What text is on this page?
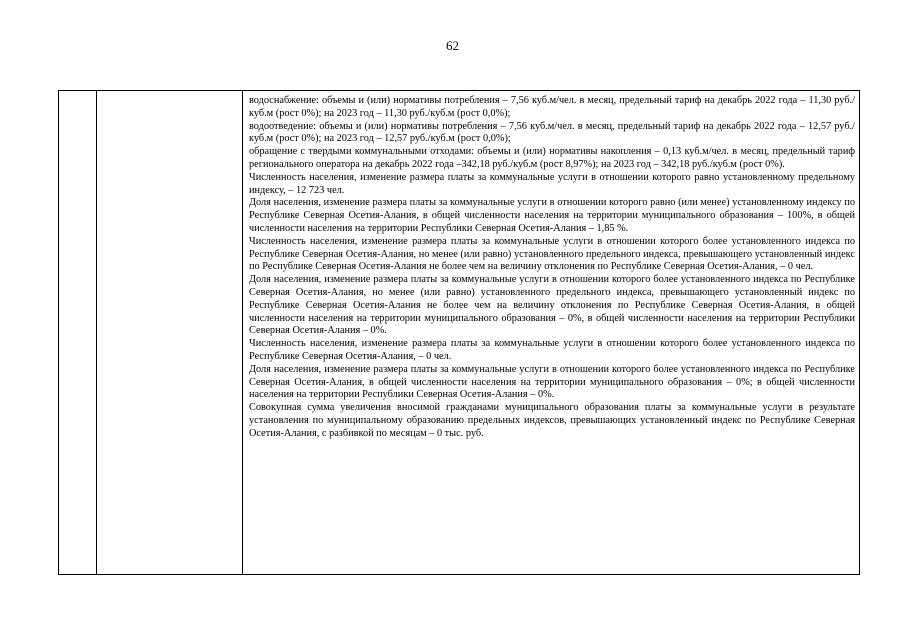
62

водоснабжение: объемы и (или) нормативы потребления – 7,56 куб.м/чел. в месяц, предельный тариф на декабрь 2022 года – 11,30 руб./куб.м (рост 0%); на 2023 год – 11,30 руб./куб.м (рост 0,0%);

водоотведение: объемы и (или) нормативы потребления – 7,56 куб.м/чел. в месяц, предельный тариф на декабрь 2022 года – 12,57 руб./куб.м (рост 0%); на 2023 год – 12,57 руб./куб.м (рост 0,0%);

обращение с твердыми коммунальными отходами: объемы и (или) нормативы накопления – 0,13 куб.м/чел. в месяц, предельный тариф регионального оператора на декабрь 2022 года –342,18 руб./куб.м (рост 8,97%); на 2023 год – 342,18 руб./куб.м (рост 0%).

Численность населения, изменение размера платы за коммунальные услуги в отношении которого равно установленному предельному индексу, – 12 723 чел.

Доля населения, изменение размера платы за коммунальные услуги в отношении которого равно (или менее) установленному индексу по Республике Северная Осетия-Алания, в общей численности населения на территории муниципального образования – 100%, в общей численности населения на территории Республики Северная Осетия-Алания – 1,85 %.

Численность населения, изменение размера платы за коммунальные услуги в отношении которого более установленного индекса по Республике Северная Осетия-Алания, но менее (или равно) установленного предельного индекса, превышающего установленный индекс по Республике Северная Осетия-Алания не более чем на величину отклонения по Республике Северная Осетия-Алания, – 0 чел.

Доля населения, изменение размера платы за коммунальные услуги в отношении которого более установленного индекса по Республике Северная Осетия-Алания, но менее (или равно) установленного предельного индекса, превышающего установленный индекс по Республике Северная Осетия-Алания не более чем на величину отклонения по Республике Северная Осетия-Алания, в общей численности населения на территории муниципального образования – 0%, в общей численности населения на территории Республики Северная Осетия-Алания – 0%.

Численность населения, изменение размера платы за коммунальные услуги в отношении которого более установленного индекса по Республике Северная Осетия-Алания, – 0 чел.

Доля населения, изменение размера платы за коммунальные услуги в отношении которого более установленного индекса по Республике Северная Осетия-Алания, в общей численности населения на территории муниципального образования – 0%; в общей численности населения на территории Республики Северная Осетия-Алания – 0%.

Совокупная сумма увеличения вносимой гражданами муниципального образования платы за коммунальные услуги в результате установления по муниципальному образованию предельных индексов, превышающих установленный индекс по Республике Северная Осетия-Алания, с разбивкой по месяцам – 0 тыс. руб.
